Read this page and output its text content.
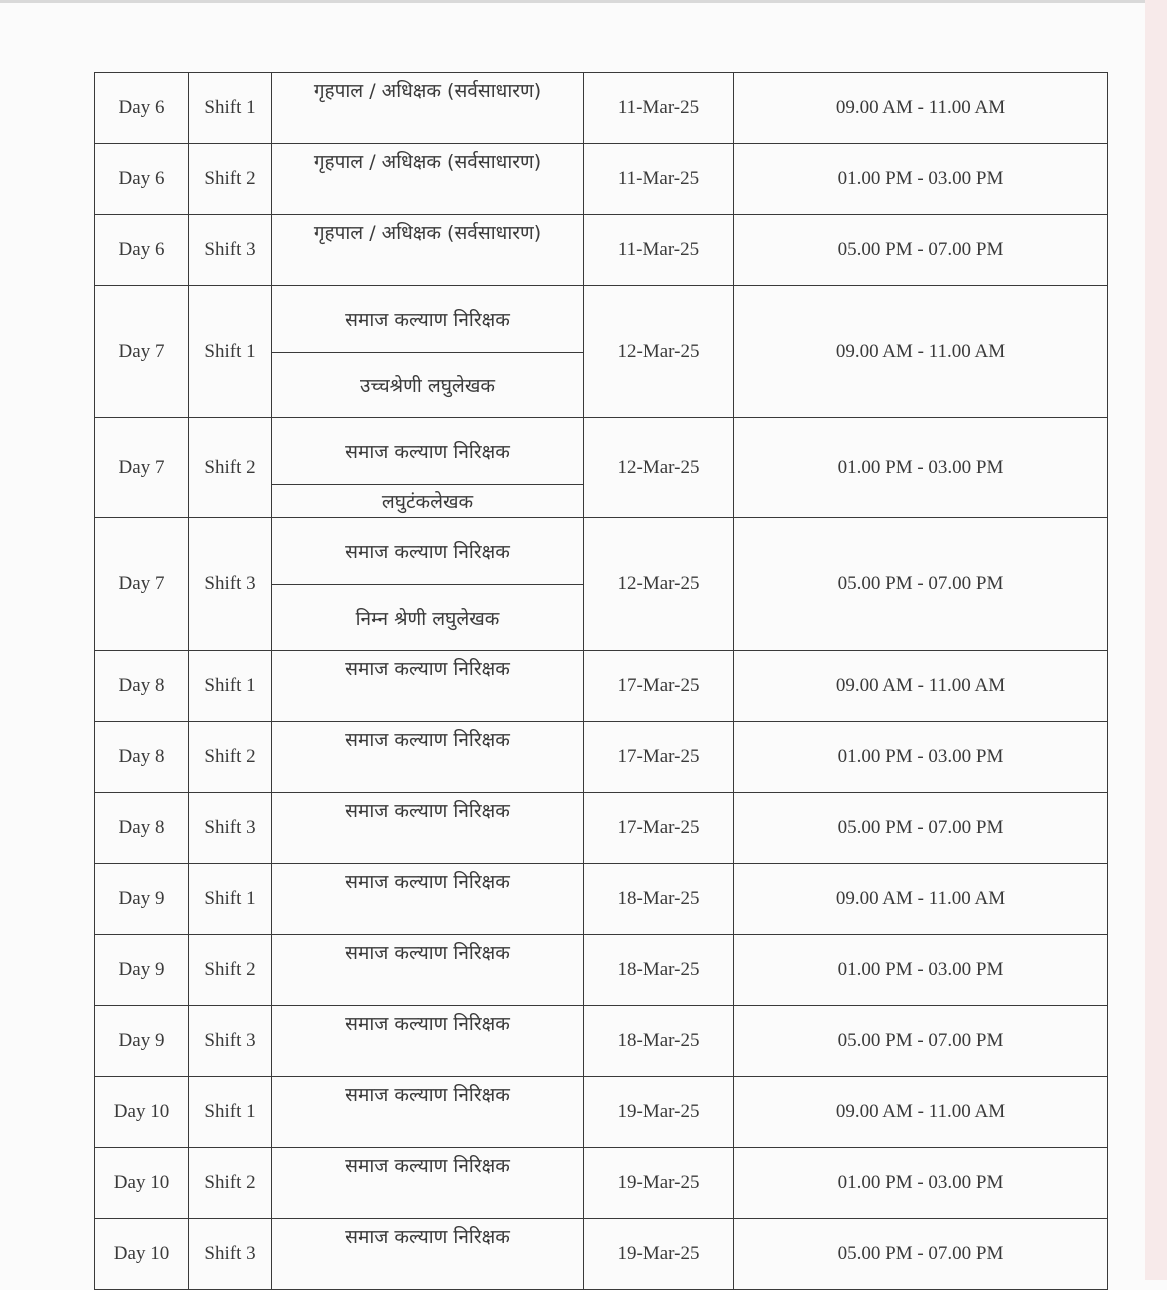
Day 6	Shift 1	गृहपाल / अधिक्षक (सर्वसाधारण)	11-Mar-25	09.00 AM - 11.00 AM
Day 6	Shift 2	गृहपाल / अधिक्षक (सर्वसाधारण)	11-Mar-25	01.00 PM - 03.00 PM
Day 6	Shift 3	गृहपाल / अधिक्षक (सर्वसाधारण)	11-Mar-25	05.00 PM - 07.00 PM
Day 7	Shift 1	समाज कल्याण निरिक्षक	12-Mar-25	09.00 AM - 11.00 AM
		उच्चश्रेणी लघुलेखक		
Day 7	Shift 2	समाज कल्याण निरिक्षक	12-Mar-25	01.00 PM - 03.00 PM
		लघुटंकलेखक		
Day 7	Shift 3	समाज कल्याण निरिक्षक	12-Mar-25	05.00 PM - 07.00 PM
		निम्न श्रेणी लघुलेखक		
Day 8	Shift 1	समाज कल्याण निरिक्षक	17-Mar-25	09.00 AM - 11.00 AM
Day 8	Shift 2	समाज कल्याण निरिक्षक	17-Mar-25	01.00 PM - 03.00 PM
Day 8	Shift 3	समाज कल्याण निरिक्षक	17-Mar-25	05.00 PM - 07.00 PM
Day 9	Shift 1	समाज कल्याण निरिक्षक	18-Mar-25	09.00 AM - 11.00 AM
Day 9	Shift 2	समाज कल्याण निरिक्षक	18-Mar-25	01.00 PM - 03.00 PM
Day 9	Shift 3	समाज कल्याण निरिक्षक	18-Mar-25	05.00 PM - 07.00 PM
Day 10	Shift 1	समाज कल्याण निरिक्षक	19-Mar-25	09.00 AM - 11.00 AM
Day 10	Shift 2	समाज कल्याण निरिक्षक	19-Mar-25	01.00 PM - 03.00 PM
Day 10	Shift 3	समाज कल्याण निरिक्षक	19-Mar-25	05.00 PM - 07.00 PM
